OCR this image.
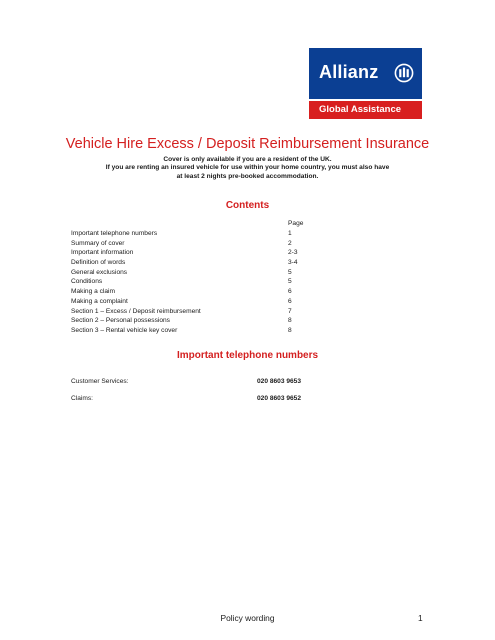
Allianz
Global Assistance
Vehicle Hire Excess / Deposit Reimbursement Insurance
Cover is only available if you are a resident of the UK.
If you are renting an insured vehicle for use within your home country, you must also have
at least 2 nights pre-booked accommodation.
Contents
Page
Important telephone numbers	1
Summary of cover	2
Important information	2-3
Definition of words	3-4
General exclusions	5
Conditions	5
Making a claim	6
Making a complaint	6
Section 1 – Excess / Deposit reimbursement	7
Section 2 – Personal possessions	8
Section 3 – Rental vehicle key cover	8
Important telephone numbers
Customer Services:	020 8603 9653
Claims:	020 8603 9652
Policy wording	1
